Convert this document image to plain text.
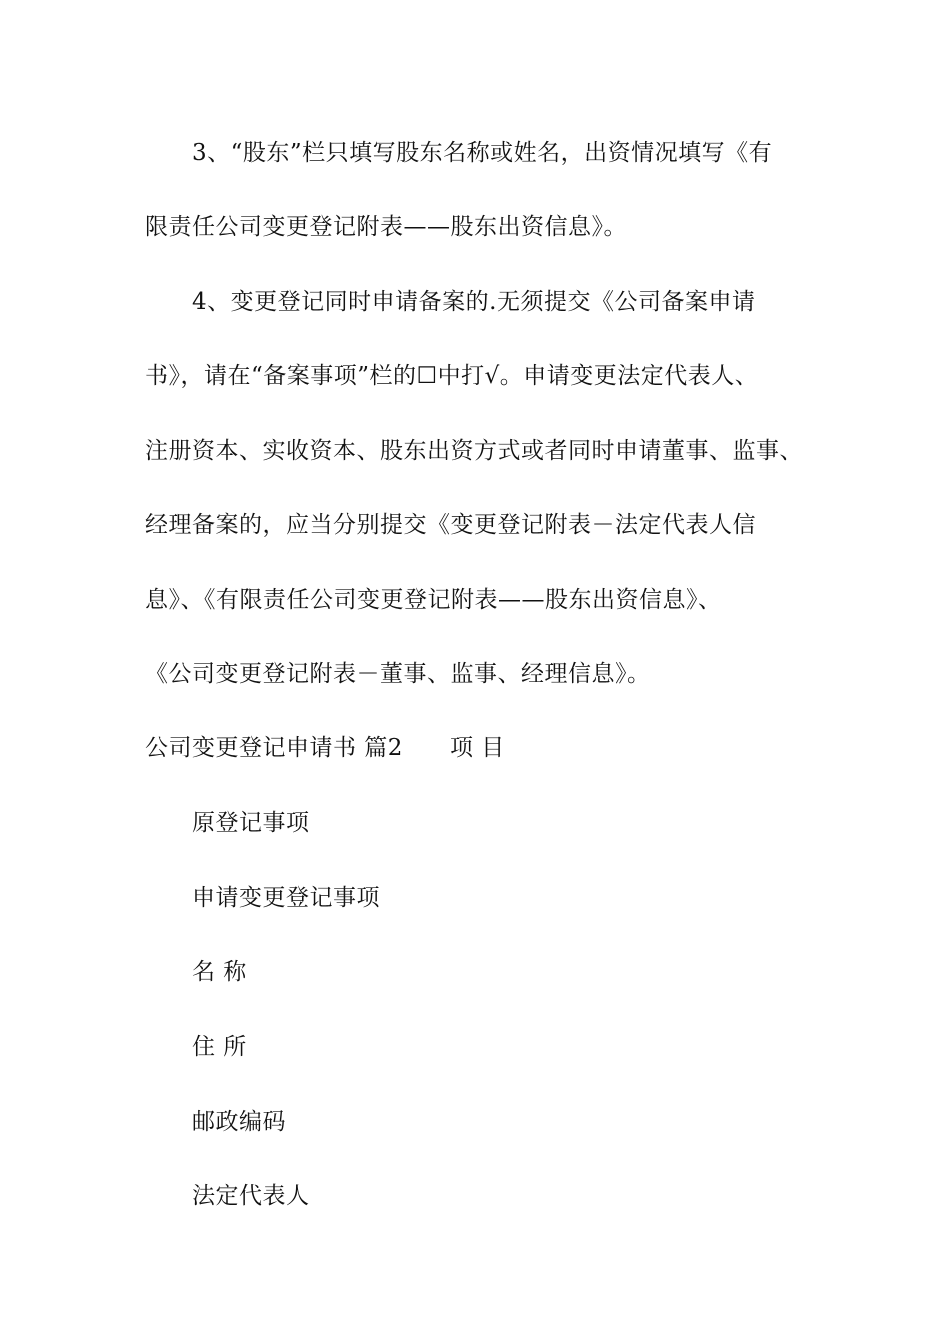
3、“股东”栏只填写股东名称或姓名，出资情况填写《有
限责任公司变更登记附表——股东出资信息》。
4、变更登记同时申请备案的.无须提交《公司备案申请
书》，请在“备案事项”栏的☐中打√。申请变更法定代表人、
注册资本、实收资本、股东出资方式或者同时申请董事、监事、
经理备案的，应当分别提交《变更登记附表－法定代表人信
息》、《有限责任公司变更登记附表——股东出资信息》、
《公司变更登记附表－董事、监事、经理信息》。
公司变更登记申请书 篇2　　项 目
原登记事项
申请变更登记事项
名 称
住 所
邮政编码
法定代表人
